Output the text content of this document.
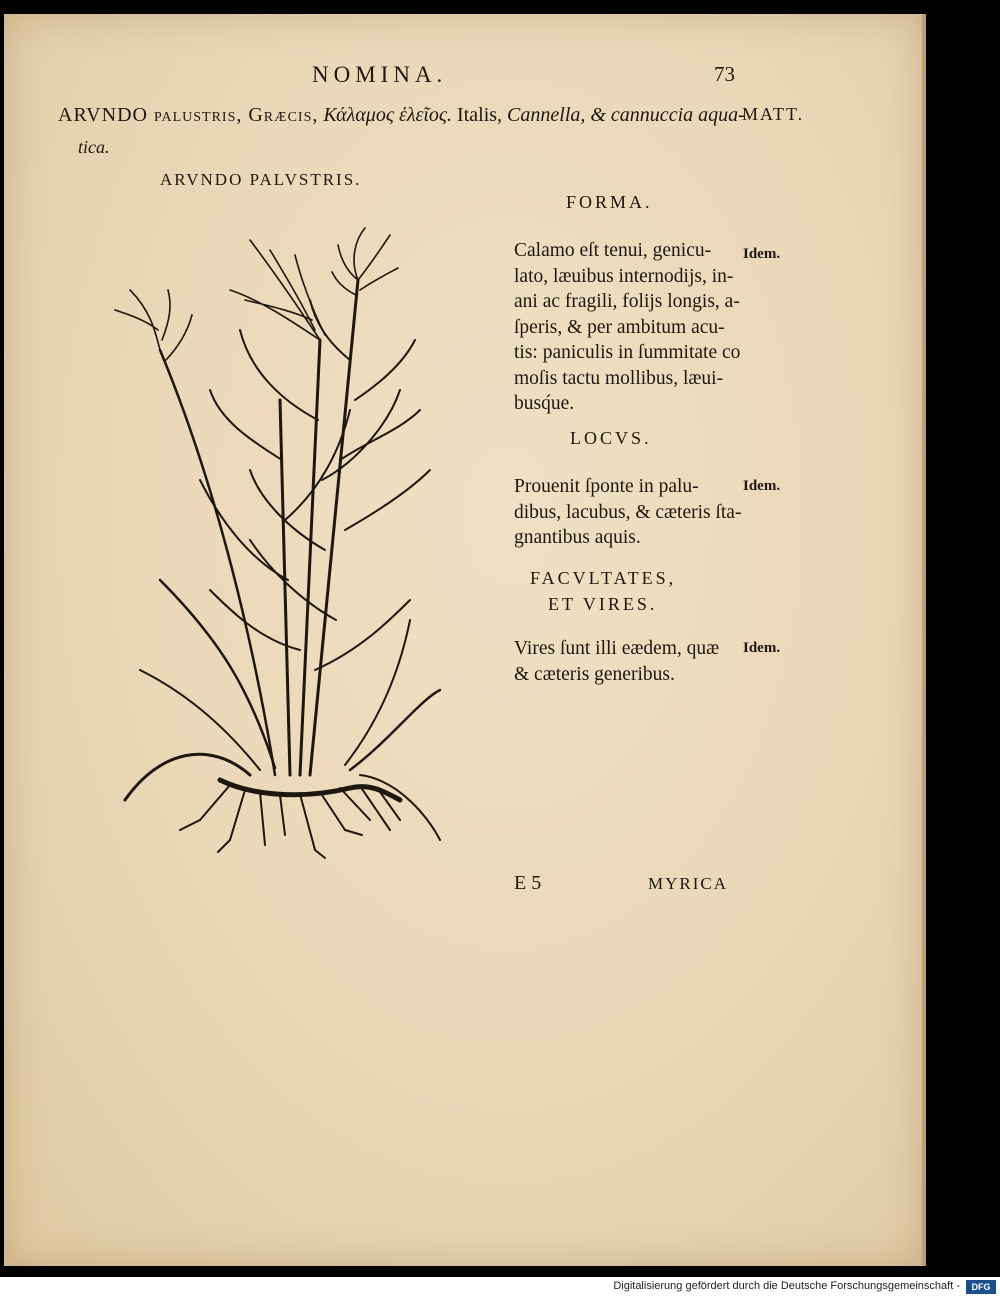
NOMINA.	73
ARVNDO paluſtris, Græcis, Κάλαμος ἑλεῖος. Italis, Cannella, & cannuccia aqua-
MATT.
tica.
ARVNDO PALVSTRIS.
FORMA.
Calamo eſt tenui, genicu-
lato, læuibus internodijs, in-
ani ac fragili, folijs longis, a-
ſperis, & per ambitum acu-
tis: paniculis in ſummitate co
moſis tactu mollibus, læui-
busq́ue.
Idem.
LOCVS.
Prouenit ſponte in palu-
dibus, lacubus, & cæteris ſta-
gnantibus aquis.
Idem.
FACVLTATES,
ET VIRES.
Vires ſunt illi eædem, quæ
& cæteris generibus.
Idem.
E 5	MYRICA
Digitalisierung gefördert durch die Deutsche Forschungsgemeinschaft -	DFG
